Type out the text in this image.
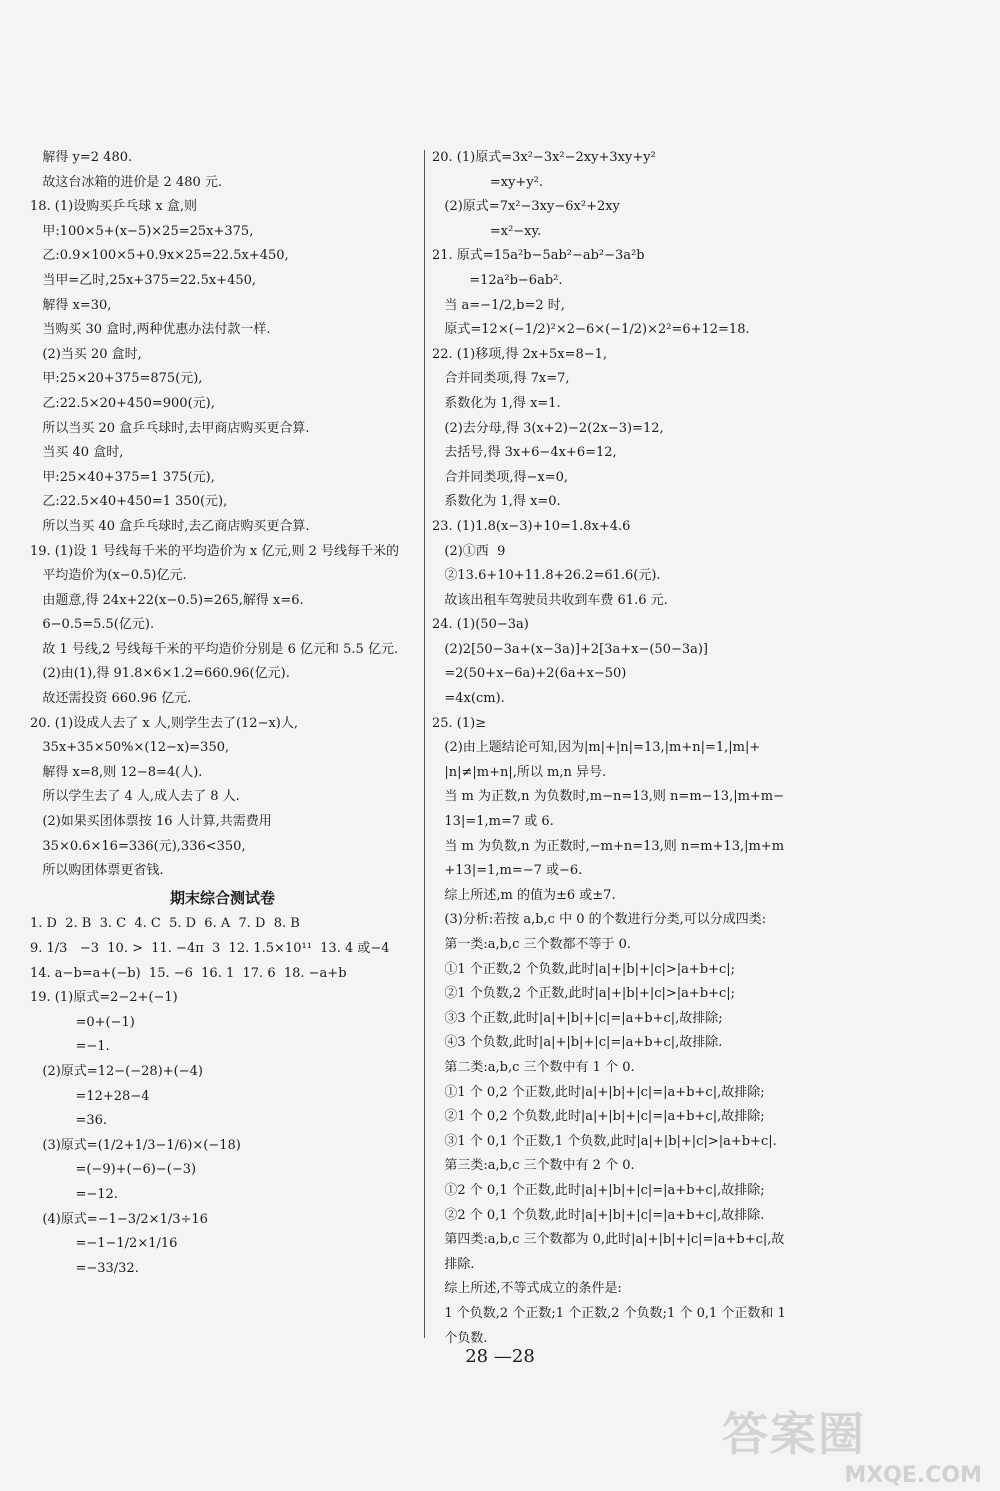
解得 y=2 480.
故这台冰箱的进价是 2 480 元.
18. (1)设购买乒乓球 x 盒,则
甲:100×5+(x−5)×25=25x+375,
乙:0.9×100×5+0.9x×25=22.5x+450,
当甲=乙时,25x+375=22.5x+450,
解得 x=30,
当购买 30 盒时,两种优惠办法付款一样.
(2)当买 20 盒时,
甲:25×20+375=875(元),
乙:22.5×20+450=900(元),
所以当买 20 盒乒乓球时,去甲商店购买更合算.
当买 40 盒时,
甲:25×40+375=1 375(元),
乙:22.5×40+450=1 350(元),
所以当买 40 盒乒乓球时,去乙商店购买更合算.
19. (1)设 1 号线每千米的平均造价为 x 亿元,则 2 号线每千米的
平均造价为(x−0.5)亿元.
由题意,得 24x+22(x−0.5)=265,解得 x=6.
6−0.5=5.5(亿元).
故 1 号线,2 号线每千米的平均造价分别是 6 亿元和 5.5 亿元.
(2)由(1),得 91.8×6×1.2=660.96(亿元).
故还需投资 660.96 亿元.
20. (1)设成人去了 x 人,则学生去了(12−x)人,
35x+35×50%×(12−x)=350,
解得 x=8,则 12−8=4(人).
所以学生去了 4 人,成人去了 8 人.
(2)如果买团体票按 16 人计算,共需费用
35×0.6×16=336(元),336<350,
所以购团体票更省钱.
期末综合测试卷
1. D  2. B  3. C  4. C  5. D  6. A  7. D  8. B
9. 1/3   −3  10. >  11. −4π  3  12. 1.5×10¹¹  13. 4 或−4
14. a−b=a+(−b)  15. −6  16. 1  17. 6  18. −a+b
19. (1)原式=2−2+(−1)
=0+(−1)
=−1.
(2)原式=12−(−28)+(−4)
=12+28−4
=36.
(3)原式=(1/2+1/3−1/6)×(−18)
=(−9)+(−6)−(−3)
=−12.
(4)原式=−1−3/2×1/3÷16
=−1−1/2×1/16
=−33/32.
20. (1)原式=3x²−3x²−2xy+3xy+y²
=xy+y².
(2)原式=7x²−3xy−6x²+2xy
=x²−xy.
21. 原式=15a²b−5ab²−ab²−3a²b
=12a²b−6ab².
当 a=−1/2,b=2 时,
原式=12×(−1/2)²×2−6×(−1/2)×2²=6+12=18.
22. (1)移项,得 2x+5x=8−1,
合并同类项,得 7x=7,
系数化为 1,得 x=1.
(2)去分母,得 3(x+2)−2(2x−3)=12,
去括号,得 3x+6−4x+6=12,
合并同类项,得−x=0,
系数化为 1,得 x=0.
23. (1)1.8(x−3)+10=1.8x+4.6
(2)①西  9
②13.6+10+11.8+26.2=61.6(元).
故该出租车驾驶员共收到车费 61.6 元.
24. (1)(50−3a)
(2)2[50−3a+(x−3a)]+2[3a+x−(50−3a)]
=2(50+x−6a)+2(6a+x−50)
=4x(cm).
25. (1)≥
(2)由上题结论可知,因为|m|+|n|=13,|m+n|=1,|m|+
|n|≠|m+n|,所以 m,n 异号.
当 m 为正数,n 为负数时,m−n=13,则 n=m−13,|m+m−
13|=1,m=7 或 6.
当 m 为负数,n 为正数时,−m+n=13,则 n=m+13,|m+m
+13|=1,m=−7 或−6.
综上所述,m 的值为±6 或±7.
(3)分析:若按 a,b,c 中 0 的个数进行分类,可以分成四类:
第一类:a,b,c 三个数都不等于 0.
①1 个正数,2 个负数,此时|a|+|b|+|c|>|a+b+c|;
②1 个负数,2 个正数,此时|a|+|b|+|c|>|a+b+c|;
③3 个正数,此时|a|+|b|+|c|=|a+b+c|,故排除;
④3 个负数,此时|a|+|b|+|c|=|a+b+c|,故排除.
第二类:a,b,c 三个数中有 1 个 0.
①1 个 0,2 个正数,此时|a|+|b|+|c|=|a+b+c|,故排除;
②1 个 0,2 个负数,此时|a|+|b|+|c|=|a+b+c|,故排除;
③1 个 0,1 个正数,1 个负数,此时|a|+|b|+|c|>|a+b+c|.
第三类:a,b,c 三个数中有 2 个 0.
①2 个 0,1 个正数,此时|a|+|b|+|c|=|a+b+c|,故排除;
②2 个 0,1 个负数,此时|a|+|b|+|c|=|a+b+c|,故排除.
第四类:a,b,c 三个数都为 0,此时|a|+|b|+|c|=|a+b+c|,故
排除.
综上所述,不等式成立的条件是:
1 个负数,2 个正数;1 个正数,2 个负数;1 个 0,1 个正数和 1
个负数.
28 —28
答案圈
MXQE.COM
